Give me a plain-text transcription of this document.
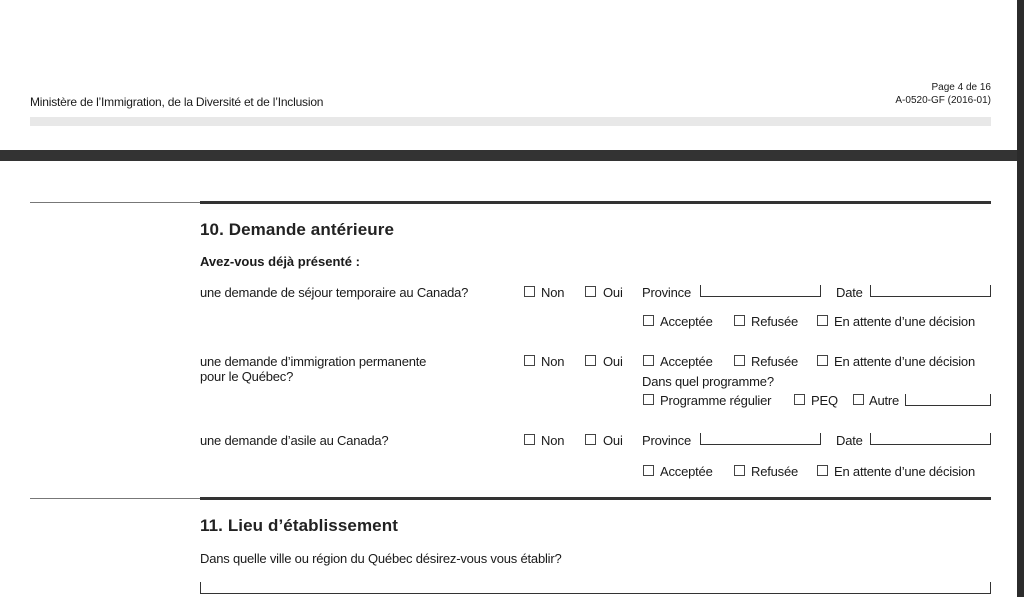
Ministère de l’Immigration, de la Diversité et de l’Inclusion
Page 4 de 16
A-0520-GF (2016-01)
10. Demande antérieure
Avez-vous déjà présenté :
une demande de séjour temporaire au Canada?	Non	Oui Province	Date
Acceptée	Refusée	En attente d’une décision
une demande d’immigration permanente
pour le Québec?
Non	Oui	Acceptée	Refusée	En attente d’une décision
Dans quel programme?
Programme régulier	PEQ Autre
une demande d’asile au Canada?	Non	Oui Province	Date
Acceptée	Refusée	En attente d’une décision
11. Lieu d’établissement
Dans quelle ville ou région du Québec désirez-vous vous établir?
